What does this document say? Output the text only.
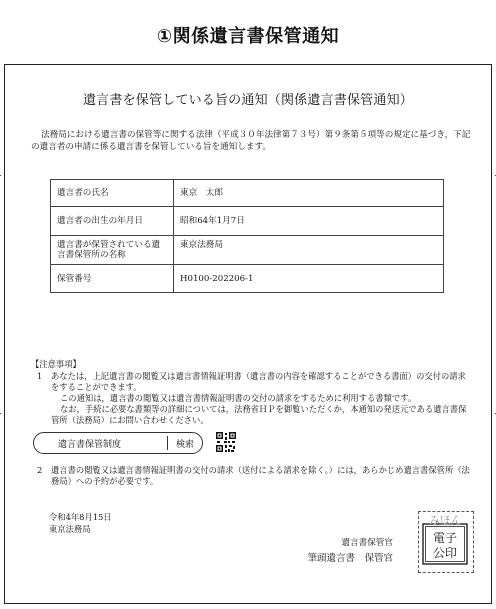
①関係遺言書保管通知
遺言書を保管している旨の通知（関係遺言書保管通知）
法務局における遺言書の保管等に関する法律（平成３０年法律第７３号）第９条第５項等の規定に基づき，下記の遺言者の申請に係る遺言書を保管している旨を通知します。
遺言者の氏名	東京　太郎
遺言者の出生の年月日	昭和64年1月7日
遺言書が保管されている遺言書保管所の名称	東京法務局
保管番号	H0100-202206-1
【注意事項】
1 あなたは，上記遺言書の閲覧又は遺言書情報証明書（遺言書の内容を確認することができる書面）の交付の請求をすることができます。
この通知は，遺言書の閲覧又は遺言書情報証明書の交付の請求をするために利用する書類です。
なお，手続に必要な書類等の詳細については，法務省ＨＰを御覧いただくか，本通知の発送元である遺言書保管所（法務局）にお問い合わせください。
遺言書保管制度	検索
2 遺言書の閲覧又は遺言書情報証明書の交付の請求（送付による請求を除く。）には，あらかじめ遺言書保管所（法務局）への予約が必要です。
令和4年8月15日
東京法務局
遺言書保管官
筆頭遺言書　保管官
みほん
電子
公印
